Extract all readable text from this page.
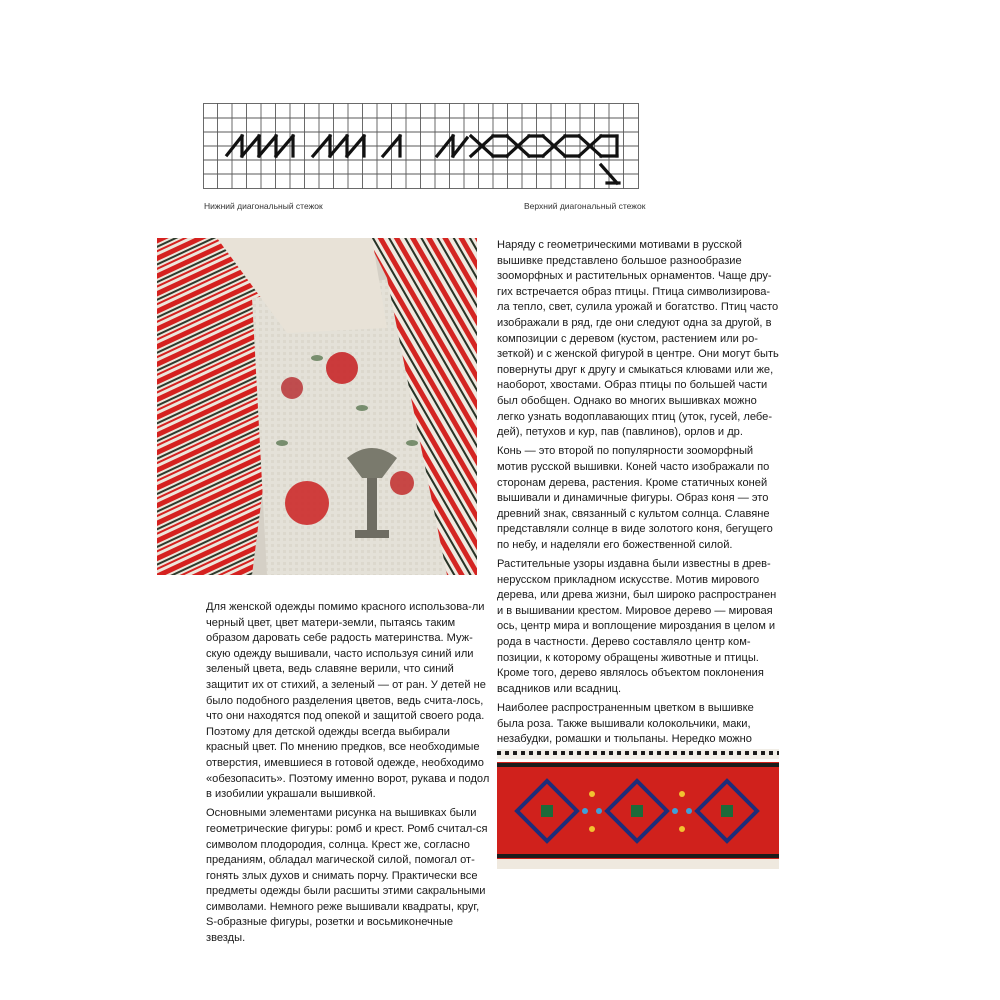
Нижний диагональный стежок	Верхний диагональный стежок

Наряду с геометрическими мотивами в русской вышивке представлено большое разнообразие зооморфных и растительных орнаментов. Чаще дру-гих встречается образ птицы. Птица символизирова-ла тепло, свет, сулила урожай и богатство. Птиц часто изображали в ряд, где они следуют одна за другой, в композиции с деревом (кустом, растением или ро-зеткой) и с женской фигурой в центре. Они могут быть повернуты друг к другу и смыкаться клювами или же, наоборот, хвостами. Образ птицы по большей части был обобщен. Однако во многих вышивках можно легко узнать водоплавающих птиц (уток, гусей, лебе-дей), петухов и кур, пав (павлинов), орлов и др.

Конь — это второй по популярности зооморфный мотив русской вышивки. Коней часто изображали по сторонам дерева, растения. Кроме статичных коней вышивали и динамичные фигуры. Образ коня — это древний знак, связанный с культом солнца. Славяне представляли солнце в виде золотого коня, бегущего по небу, и наделяли его божественной силой.

Растительные узоры издавна были известны в древ-нерусском прикладном искусстве. Мотив мирового дерева, или древа жизни, был широко распространен и в вышивании крестом. Мировое дерево — мировая ось, центр мира и воплощение мироздания в целом и рода в частности. Дерево составляло центр ком-позиции, к которому обращены животные и птицы. Кроме того, дерево являлось объектом поклонения всадников или всадниц.

Наиболее распространенным цветком в вышивке была роза. Также вышивали колокольчики, маки, незабудки, ромашки и тюльпаны. Нередко можно

Для женской одежды помимо красного использова-ли черный цвет, цвет матери-земли, пытаясь таким образом даровать себе радость материнства. Муж-скую одежду вышивали, часто используя синий или зеленый цвета, ведь славяне верили, что синий защитит их от стихий, а зеленый — от ран. У детей не было подобного разделения цветов, ведь счита-лось, что они находятся под опекой и защитой своего рода. Поэтому для детской одежды всегда выбирали красный цвет. По мнению предков, все необходимые отверстия, имевшиеся в готовой одежде, необходимо «обезопасить». Поэтому именно ворот, рукава и подол в изобилии украшали вышивкой.

Основными элементами рисунка на вышивках были геометрические фигуры: ромб и крест. Ромб считал-ся символом плодородия, солнца. Крест же, согласно преданиям, обладал магической силой, помогал от-гонять злых духов и снимать порчу. Практически все предметы одежды были расшиты этими сакральными символами. Немного реже вышивали квадраты, круг, S-образные фигуры, розетки и восьмиконечные звезды.
